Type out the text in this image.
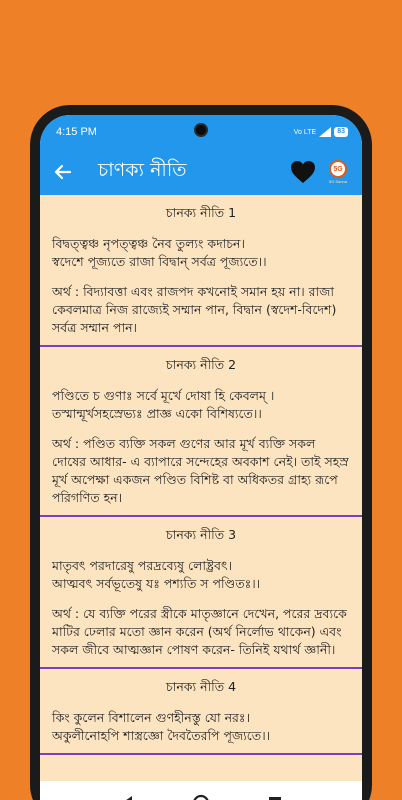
4:15 PM	Vo LTE	83
চাণক্য নীতি	5G
5G Sanna
চানক্য নীতি 1
বিদ্বত্ত্বঞ্চ নৃপত্ত্বঞ্চ নৈব তুল্যং কদাচন।
স্বদেশে পূজ্যতে রাজা বিদ্বান্ সর্বত্র পূজ্যতে।।
অর্থ : বিদ্যাবত্তা এবং রাজপদ কখনোই সমান হয় না। রাজা কেবলমাত্র নিজ রাজ্যেই সম্মান পান, বিদ্বান (স্বদেশ-বিদেশ) সর্বত্র সম্মান পান।
চানক্য নীতি 2
পণ্ডিতে চ গুণাঃ সর্বে মূর্খে দোষা হি কেবলম্ ।
তস্মান্মূর্খসহস্রেভ্যঃ প্রাজ্ঞ একো বিশিষ্যতে।।
অর্থ : পণ্ডিত ব্যক্তি সকল গুণের আর মূর্খ ব্যক্তি সকল দোষের আধার- এ ব্যাপারে সন্দেহের অবকাশ নেই। তাই সহস্র মূর্খ অপেক্ষা একজন পণ্ডিত বিশিষ্ট বা অধিকতর গ্রাহ্য রূপে পরিগণিত হন।
চানক্য নীতি 3
মাতৃবৎ পরদারেষু পরদ্রব্যেষু লোষ্ট্রবৎ।
আত্মবৎ সর্বভূতেষু যঃ পশ্যতি স পণ্ডিতঃ।।
অর্থ : যে ব্যক্তি পরের স্ত্রীকে মাতৃজ্ঞানে দেখেন, পরের দ্রব্যকে মাটির ঢেলার মতো জ্ঞান করেন (অর্থ নির্লোভ থাকেন) এবং সকল জীবে আত্মজ্ঞান পোষণ করেন- তিনিই যথার্থ জ্ঞানী।
চানক্য নীতি 4
কিং কুলেন বিশালেন গুণহীনস্তু যো নরঃ।
অকুলীনোহপি শাস্ত্রজ্ঞো দৈবতৈরপি পূজ্যতে।।
